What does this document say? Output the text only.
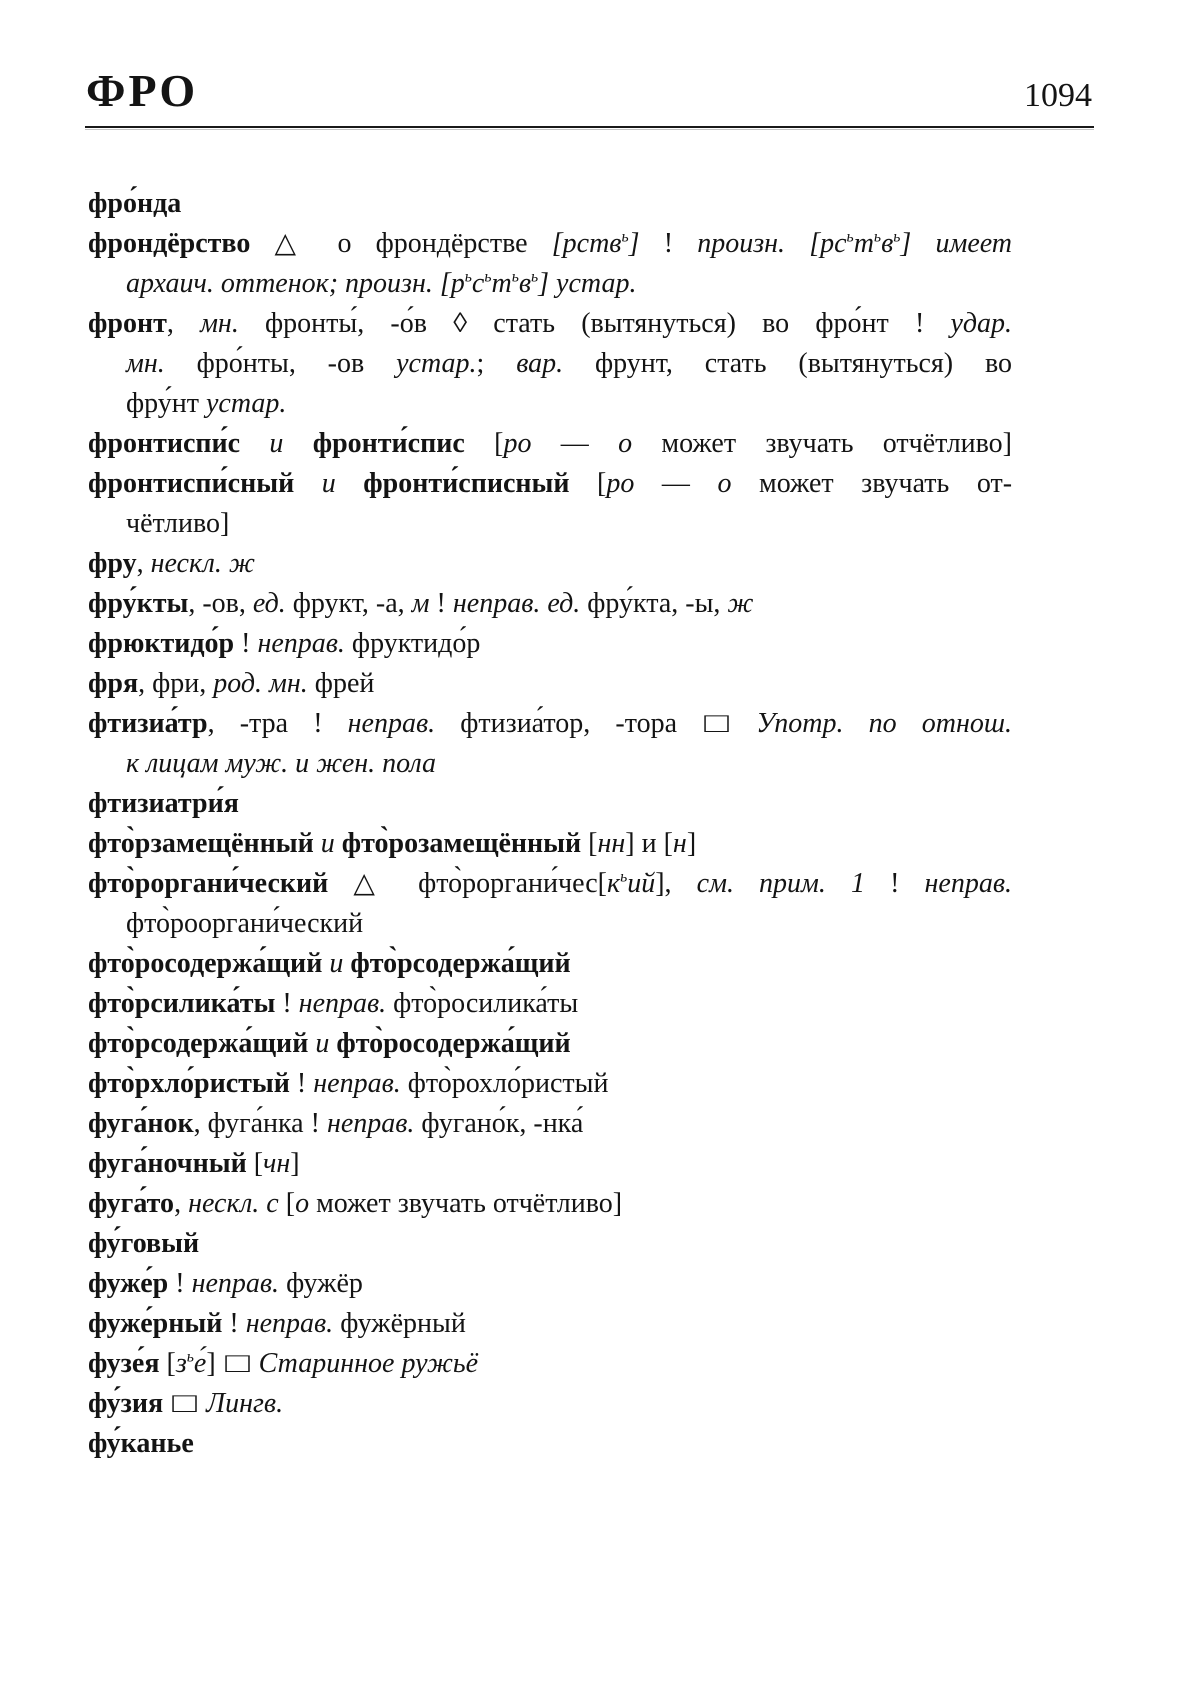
ФРО	1094
фро́нда
фрондёрство △ о фрондёрстве [рств$^ь$] ! произн. $[рс^ьт^ьв^ь]$ имеет
архаич. оттенок; произн. $[р^ьс^ьт^ьв^ь]$ устар.
фронт, мн. фронты́, -о́в ◊ стать (вытянуться) во фро́нт ! удар.
мн. фро́нты, -ов устар.; вар. фрунт, стать (вытянуться) во
фру́нт устар.
фронтиспи́с и фронти́спис [ро — о может звучать отчётливо]
фронтиспи́сный и фронти́списный [ро — о может звучать от-
чётливо]
фру, нескл. ж
фру́кты, -ов, ед. фрукт, -а, м ! неправ. ед. фру́кта, -ы, ж
фрюктидо́р ! неправ. фруктидо́р
фря, фри, род. мн. фрей
фтизиа́тр, -тра ! неправ. фтизиа́тор, -тора □ Употр. по отнош.
к лицам муж. и жен. пола
фтизиатри́я
фто̀рзамещённый и фто̀розамещённый [нн] и [н]
фто̀роргани́ческий △ $фто̀роргани́чес[к^ьий]$, см. прим. 1 ! неправ.
фто̀рооргани́ческий
фто̀росодержа́щий и фто̀рсодержа́щий
фто̀рсилика́ты ! неправ. фто̀росилика́ты
фто̀рсодержа́щий и фто̀росодержа́щий
фто̀рхло́ристый ! неправ. фто̀рохло́ристый
фуга́нок, фуга́нка ! неправ. фугано́к, -нка́
фуга́ночный [чн]
фуга́то, нескл. с [о может звучать отчётливо]
фу́говый
фуже́р ! неправ. фужёр
фуже́рный ! неправ. фужёрный
фузе́я $[з^ье́]$ □ Старинное ружьё
фу́зия □ Лингв.
фу́канье
